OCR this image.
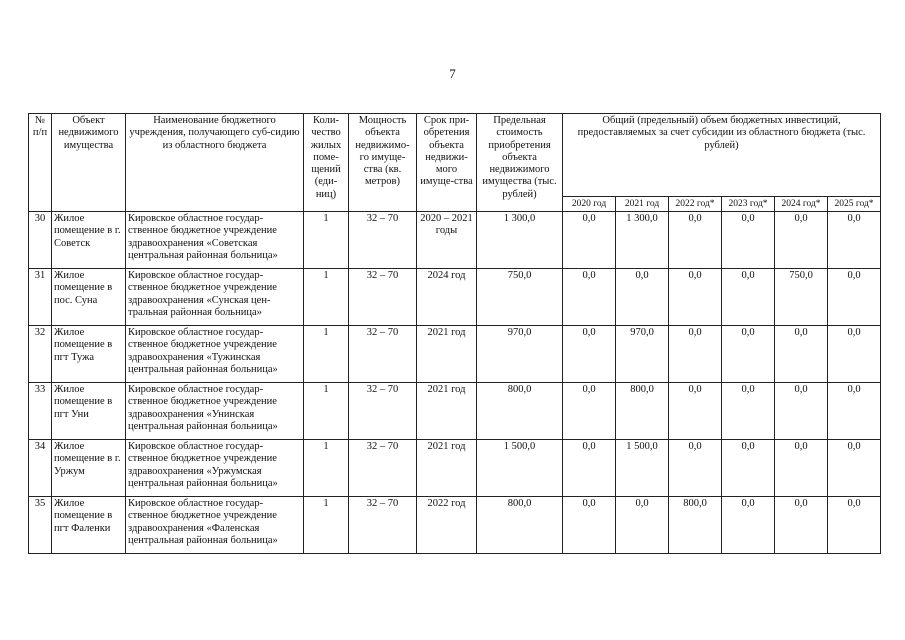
7
№ п/п	Объект недвижимого имущества	Наименование бюджетного учреждения, получающего суб-сидию из областного бюджета	Коли-чество жилых поме-щений (еди-ниц)	Мощность объекта недвижимо-го имуще-ства (кв. метров)	Срок при-обретения объекта недвижи-мого имуще-ства	Предельная стоимость приобретения объекта недвижимого имущества (тыс. рублей)	Общий (предельный) объем бюджетных инвестиций, предоставляемых за счет субсидии из областного бюджета (тыс. рублей)					
							2020 год	2021 год	2022 год*	2023 год*	2024 год*	2025 год*
30	Жилое помещение в г. Советск	Кировское областное государ-ственное бюджетное учреждение здравоохранения «Советская центральная районная больница»	1	32 – 70	2020 – 2021 годы	1 300,0	0,0	1 300,0	0,0	0,0	0,0	0,0
31	Жилое помещение в пос. Суна	Кировское областное государ-ственное бюджетное учреждение здравоохранения «Сунская цен-тральная районная больница»	1	32 – 70	2024 год	750,0	0,0	0,0	0,0	0,0	750,0	0,0
32	Жилое помещение в пгт Тужа	Кировское областное государ-ственное бюджетное учреждение здравоохранения «Тужинская центральная районная больница»	1	32 – 70	2021 год	970,0	0,0	970,0	0,0	0,0	0,0	0,0
33	Жилое помещение в пгт Уни	Кировское областное государ-ственное бюджетное учреждение здравоохранения «Унинская центральная районная больница»	1	32 – 70	2021 год	800,0	0,0	800,0	0,0	0,0	0,0	0,0
34	Жилое помещение в г. Уржум	Кировское областное государ-ственное бюджетное учреждение здравоохранения «Уржумская центральная районная больница»	1	32 – 70	2021 год	1 500,0	0,0	1 500,0	0,0	0,0	0,0	0,0
35	Жилое помещение в пгт Фаленки	Кировское областное государ-ственное бюджетное учреждение здравоохранения «Фаленская центральная районная больница»	1	32 – 70	2022 год	800,0	0,0	0,0	800,0	0,0	0,0	0,0
